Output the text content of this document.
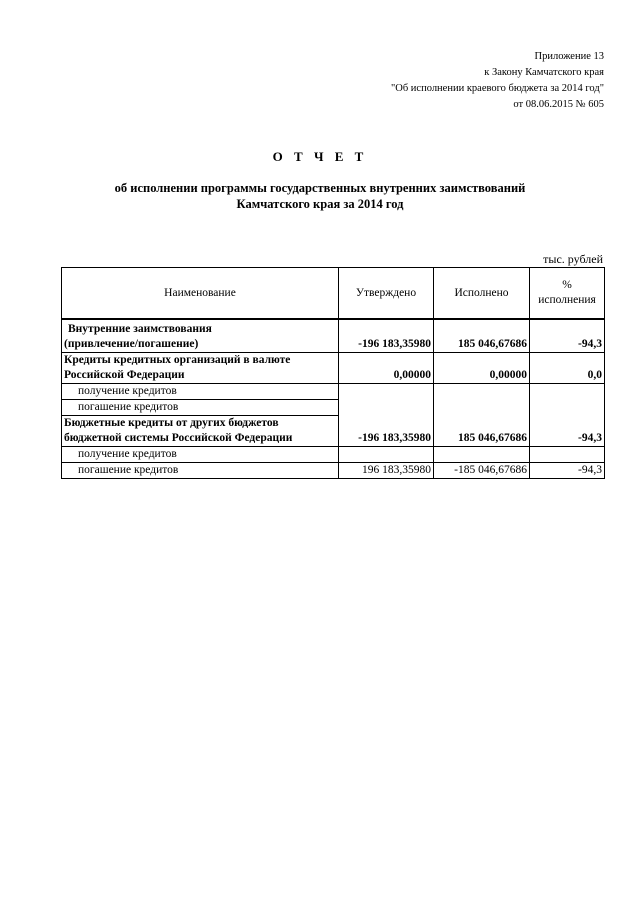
Приложение 13
к Закону Камчатского края
"Об исполнении краевого бюджета за 2014 год"
от 08.06.2015 № 605
О Т Ч Е Т
об исполнении программы государственных внутренних заимствований
Камчатского края за 2014 год
тыс. рублей
Наименование	Утверждено	Исполнено	%
исполнения

Внутренние заимствования
(привлечение/погашение)	-196 183,35980	185 046,67686	-94,3

Кредиты кредитных организаций в валюте
Российской Федерации	0,00000	0,00000	0,0
получение кредитов			
погашение кредитов			

Бюджетные кредиты от других бюджетов
бюджетной системы Российской Федерации	-196 183,35980	185 046,67686	-94,3
получение кредитов			
погашение кредитов	196 183,35980	-185 046,67686	-94,3
